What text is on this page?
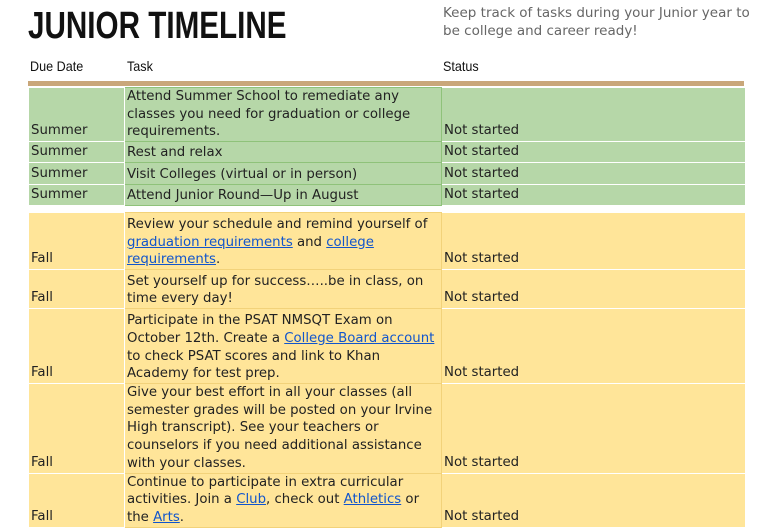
JUNIOR TIMELINE	Keep track of tasks during your Junior year to be college and career ready!
Due Date	Task	Status
Summer	Attend Summer School to remediate any classes you need for graduation or college requirements.	Not started
Summer	Rest and relax	Not started
Summer	Visit Colleges (virtual or in person)	Not started
Summer	Attend Junior Round—Up in August	Not started
Fall	Review your schedule and remind yourself of graduation requirements and college requirements.	Not started
Fall	Set yourself up for success…..be in class, on time every day!	Not started
Fall	Participate in the PSAT NMSQT Exam on October 12th. Create a College Board account to check PSAT scores and link to Khan Academy for test prep.	Not started
Fall	Give your best effort in all your classes (all semester grades will be posted on your Irvine High transcript). See your teachers or counselors if you need additional assistance with your classes.	Not started
Fall	Continue to participate in extra curricular activities. Join a Club, check out Athletics or the Arts.	Not started
